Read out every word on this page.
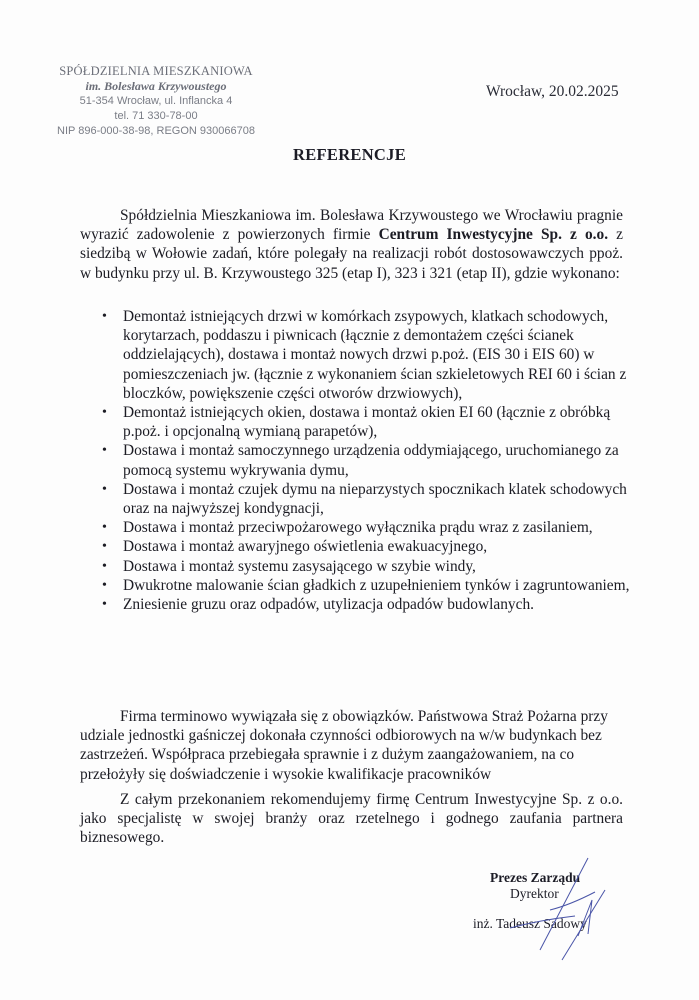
SPÓŁDZIELNIA MIESZKANIOWA
im. Bolesława Krzywoustego
51-354 Wrocław, ul. Inflancka 4
tel. 71 330-78-00
NIP 896-000-38-98, REGON 930066708
Wrocław, 20.02.2025
REFERENCJE
Spółdzielnia Mieszkaniowa im. Bolesława Krzywoustego we Wrocławiu pragnie wyrazić zadowolenie z powierzonych firmie Centrum Inwestycyjne Sp. z o.o. z siedzibą w Wołowie zadań, które polegały na realizacji robót dostosowawczych ppoż. w budynku przy ul. B. Krzywoustego 325 (etap I), 323 i 321 (etap II), gdzie wykonano:
• Demontaż istniejących drzwi w komórkach zsypowych, klatkach schodowych, korytarzach, poddaszu i piwnicach (łącznie z demontażem części ścianek oddzielających), dostawa i montaż nowych drzwi p.poż. (EIS 30 i EIS 60) w pomieszczeniach jw. (łącznie z wykonaniem ścian szkieletowych REI 60 i ścian z bloczków, powiększenie części otworów drzwiowych),
• Demontaż istniejących okien, dostawa i montaż okien EI 60 (łącznie z obróbką p.poż. i opcjonalną wymianą parapetów),
• Dostawa i montaż samoczynnego urządzenia oddymiającego, uruchomianego za pomocą systemu wykrywania dymu,
• Dostawa i montaż czujek dymu na nieparzystych spocznikach klatek schodowych oraz na najwyższej kondygnacji,
• Dostawa i montaż przeciwpożarowego wyłącznika prądu wraz z zasilaniem,
• Dostawa i montaż awaryjnego oświetlenia ewakuacyjnego,
• Dostawa i montaż systemu zasysającego w szybie windy,
• Dwukrotne malowanie ścian gładkich z uzupełnieniem tynków i zagruntowaniem,
• Zniesienie gruzu oraz odpadów, utylizacja odpadów budowlanych.
Firma terminowo wywiązała się z obowiązków. Państwowa Straż Pożarna przy udziale jednostki gaśniczej dokonała czynności odbiorowych na w/w budynkach bez zastrzeżeń. Współpraca przebiegała sprawnie i z dużym zaangażowaniem, na co przełożyły się doświadczenie i wysokie kwalifikacje pracowników
Z całym przekonaniem rekomendujemy firmę Centrum Inwestycyjne Sp. z o.o. jako specjalistę w swojej branży oraz rzetelnego i godnego zaufania partnera biznesowego.
Prezes Zarządu
Dyrektor
inż. Tadeusz Sadowy
